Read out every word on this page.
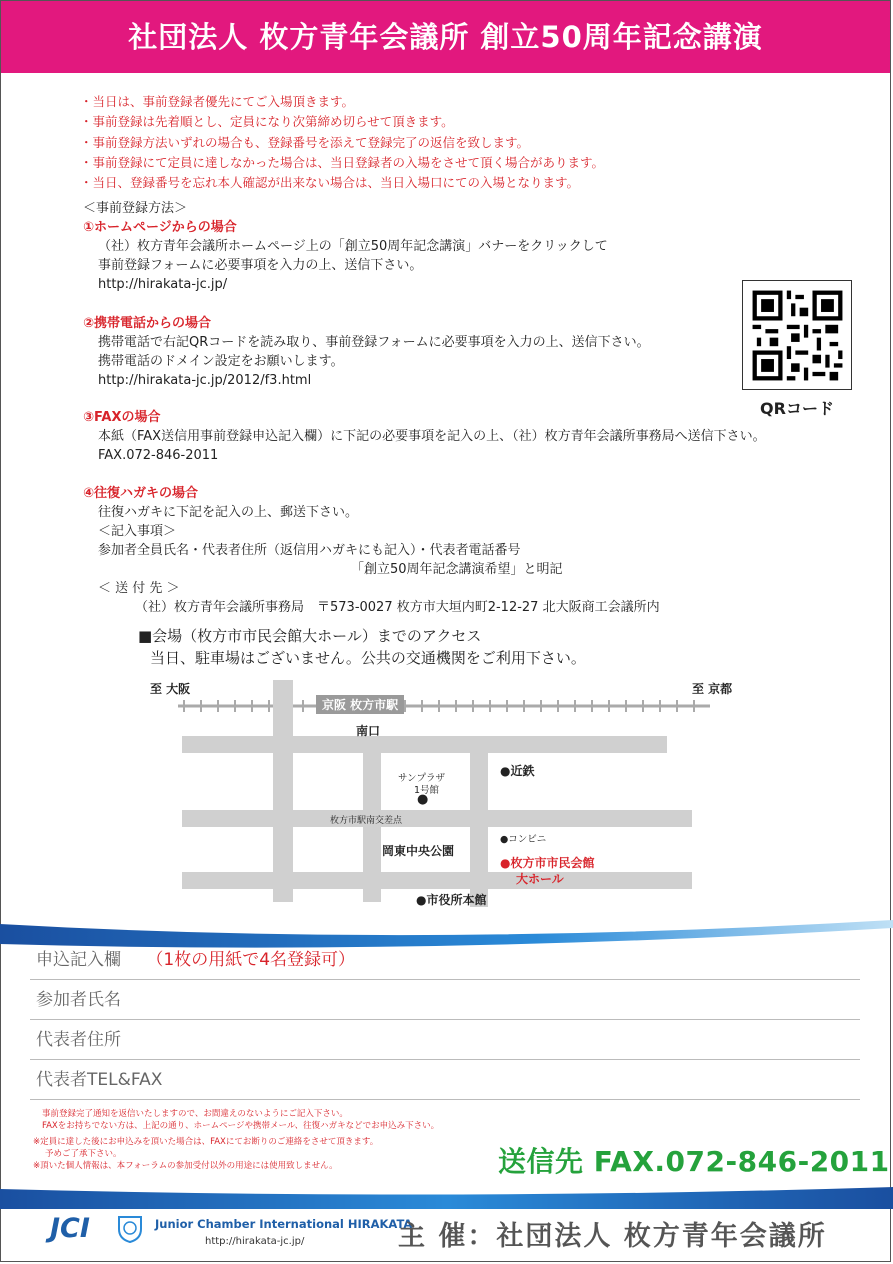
社団法人 枚方青年会議所 創立50周年記念講演
・ 当日は、事前登録者優先にてご入場頂きます。
・ 事前登録は先着順とし、定員になり次第締め切らせて頂きます。
・ 事前登録方法いずれの場合も、登録番号を添えて登録完了の返信を致します。
・ 事前登録にて定員に達しなかった場合は、当日登録者の入場をさせて頂く場合があります。
・ 当日、登録番号を忘れ本人確認が出来ない場合は、当日入場口にての入場となります。
＜事前登録方法＞
①ホームページからの場合
（社）枚方青年会議所ホームページ上の「創立50周年記念講演」バナーをクリックして
事前登録フォームに必要事項を入力の上、送信下さい。
http://hirakata-jc.jp/
②携帯電話からの場合
携帯電話で右記QRコードを読み取り、事前登録フォームに必要事項を入力の上、送信下さい。
携帯電話のドメイン設定をお願いします。
http://hirakata-jc.jp/2012/f3.html
QRコード
③FAXの場合
本紙（FAX送信用事前登録申込記入欄）に下記の必要事項を記入の上、（社）枚方青年会議所事務局へ送信下さい。
FAX.072-846-2011
④往復ハガキの場合
往復ハガキに下記を記入の上、郵送下さい。
＜記入事項＞
参加者全員氏名・代表者住所（返信用ハガキにも記入）・代表者電話番号
「創立50周年記念講演希望」と明記
＜ 送 付 先 ＞
（社）枚方青年会議所事務局　〒573-0027 枚方市大垣内町2-12-27 北大阪商工会議所内
■会場（枚方市市民会館大ホール）までのアクセス
当日、駐車場はございません。公共の交通機関をご利用下さい。
京阪 枚方市駅
至 大阪	至 京都
南口
サンプラザ
1号館
●
●近鉄
枚方市駅南交差点
岡東中央公園
●コンビニ
●枚方市市民会館
大ホール
●市役所本館
申込記入欄 （1枚の用紙で4名登録可）
参加者氏名
代表者住所
代表者TEL&FAX
事前登録完了通知を返信いたしますので、お間違えのないようにご記入下さい。
FAXをお持ちでない方は、上記の通り、ホームページや携帯メール、往復ハガキなどでお申込み下さい。
※定員に達した後にお申込みを頂いた場合は、FAXにてお断りのご連絡をさせて頂きます。
予めご了承下さい。
※頂いた個人情報は、本フォーラムの参加受付以外の用途には使用致しません。	送信先 FAX.072-846-2011
JCI	Junior Chamber International HIRAKATA
http://hirakata-jc.jp/	主 催：社団法人 枚方青年会議所
